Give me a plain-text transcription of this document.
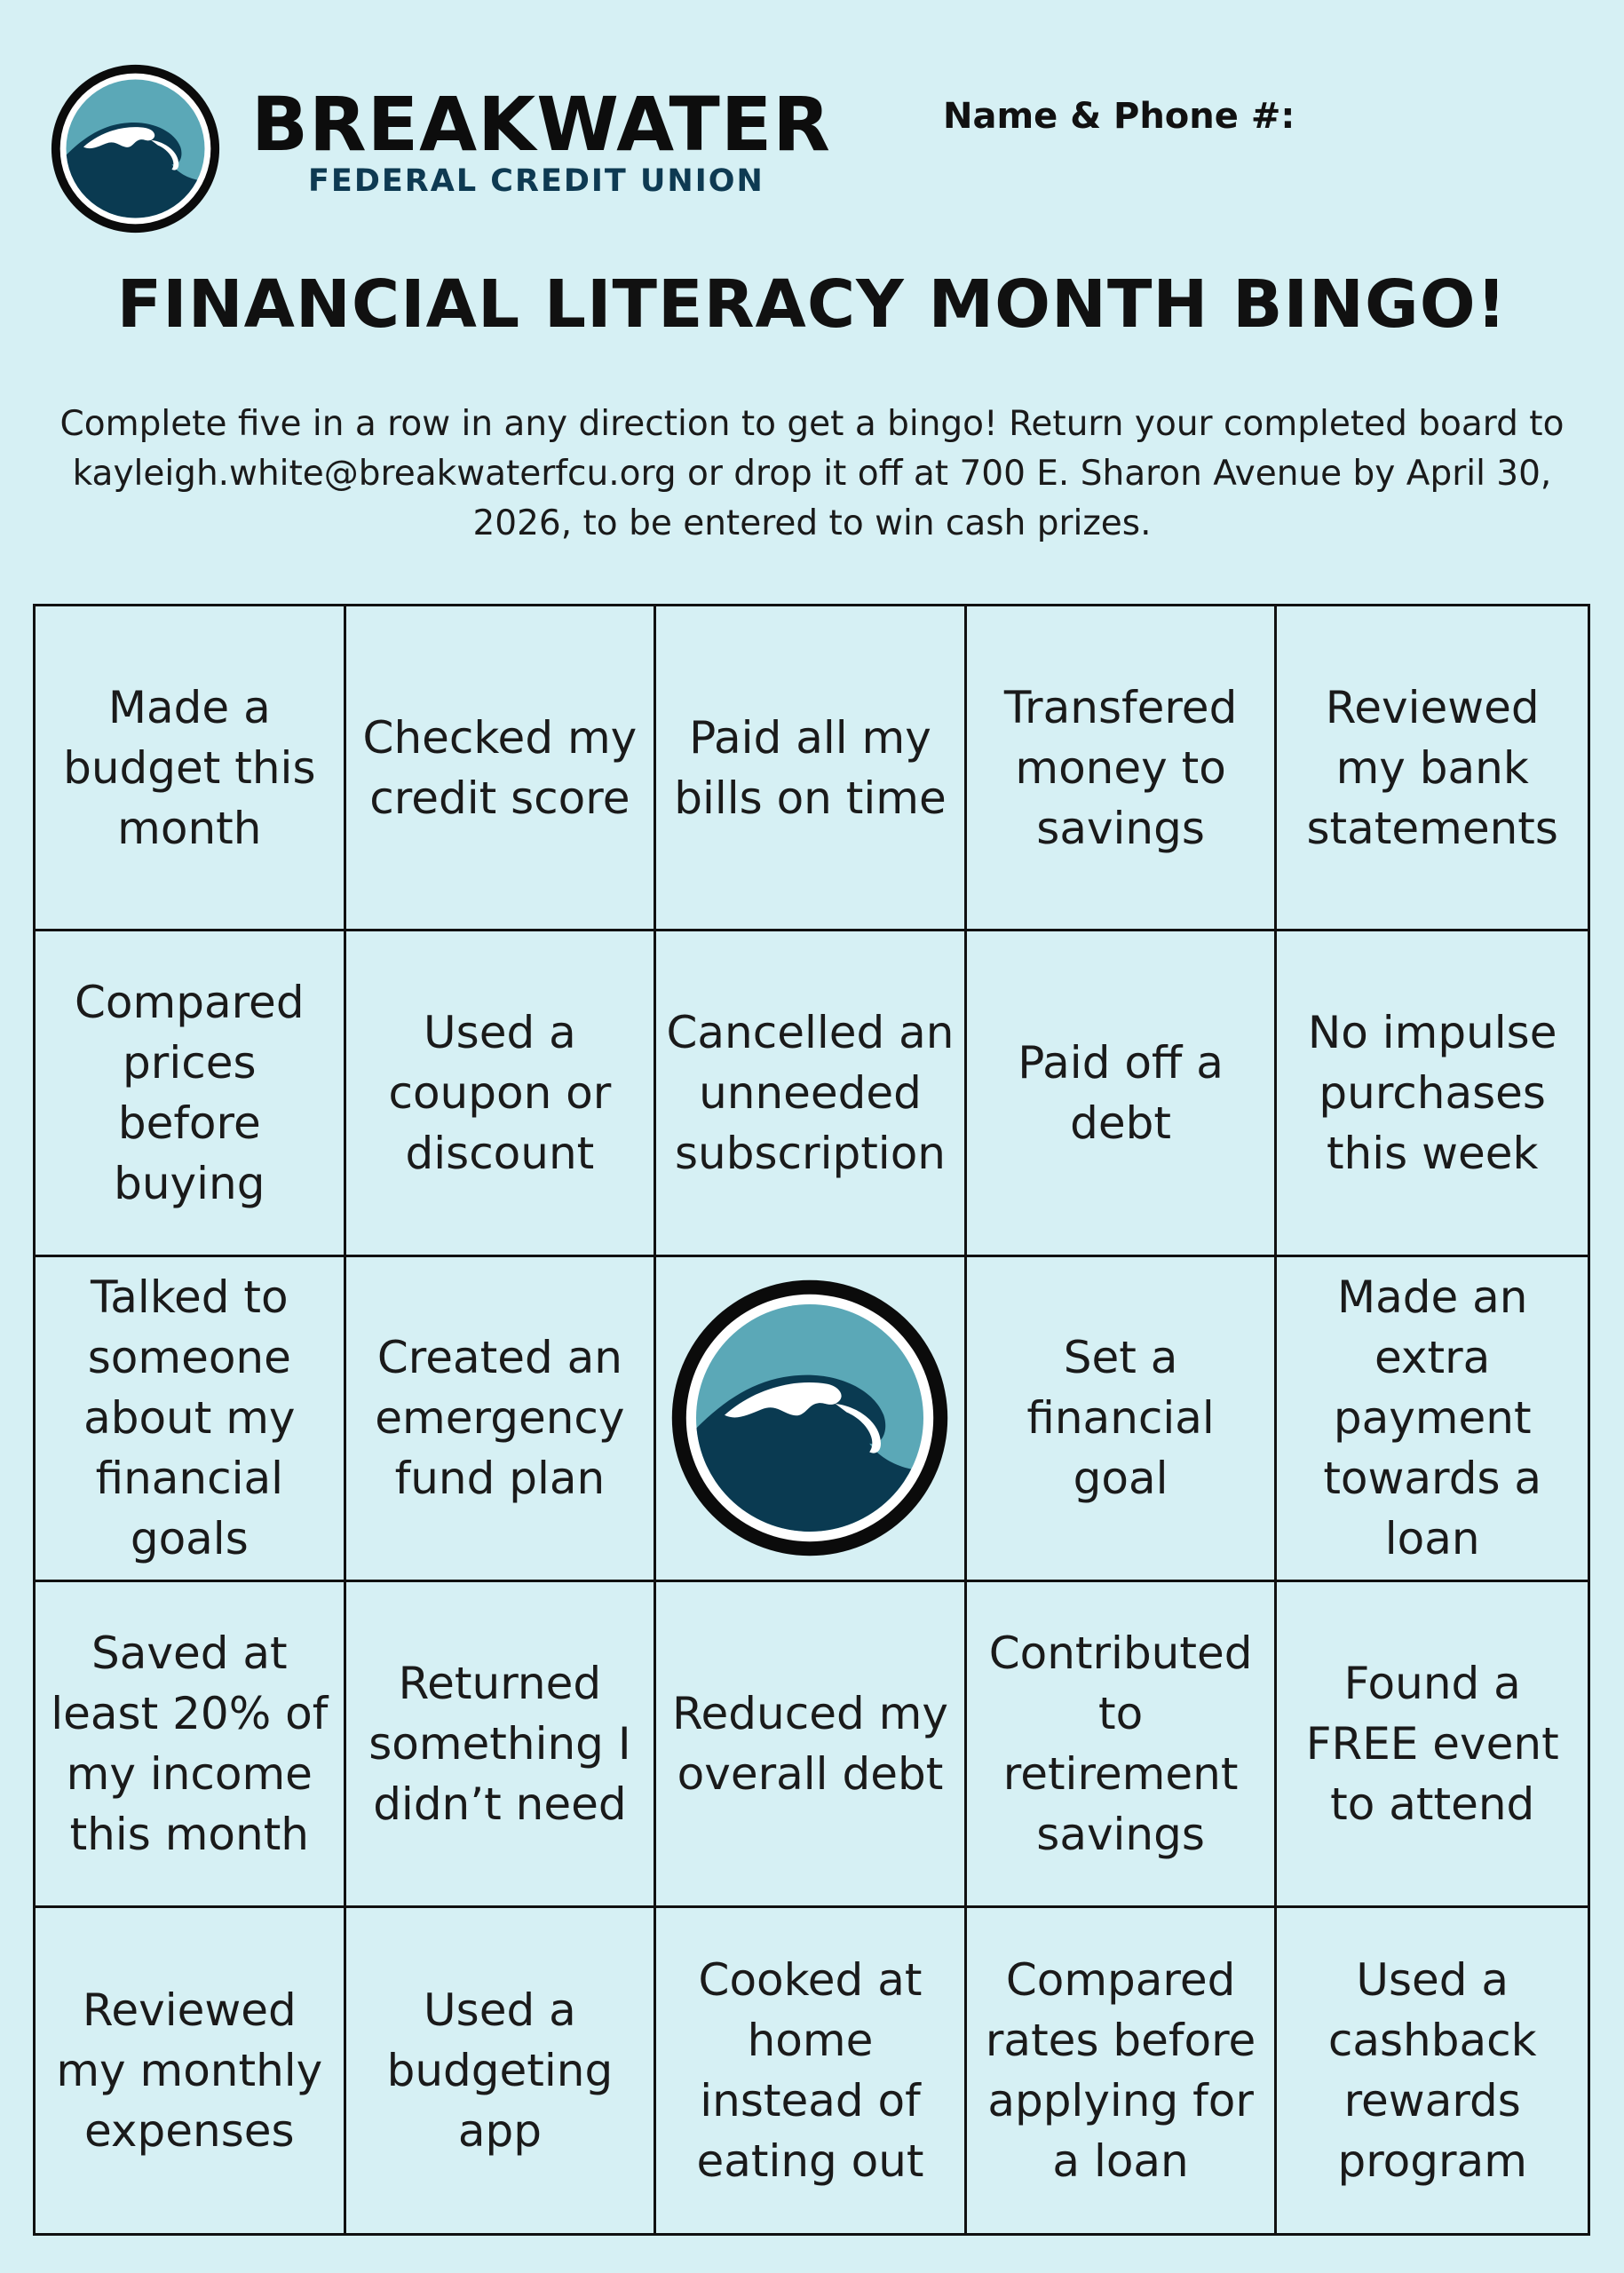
BREAKWATER
FEDERAL CREDIT UNION
Name & Phone #:
FINANCIAL LITERACY MONTH BINGO!
Complete five in a row in any direction to get a bingo! Return your completed board to kayleigh.white@breakwaterfcu.org or drop it off at 700 E. Sharon Avenue by April 30, 2026, to be entered to win cash prizes.
Made a budget this month
Checked my credit score
Paid all my bills on time
Transfered money to savings
Reviewed my bank statements
Compared prices before buying
Used a coupon or discount
Cancelled an unneeded subscription
Paid off a debt
No impulse purchases this week
Talked to someone about my financial goals
Created an emergency fund plan
Set a financial goal
Made an extra payment towards a loan
Saved at least 20% of my income this month
Returned something I didn’t need
Reduced my overall debt
Contributed to retirement savings
Found a FREE event to attend
Reviewed my monthly expenses
Used a budgeting app
Cooked at home instead of eating out
Compared rates before applying for a loan
Used a cashback rewards program
